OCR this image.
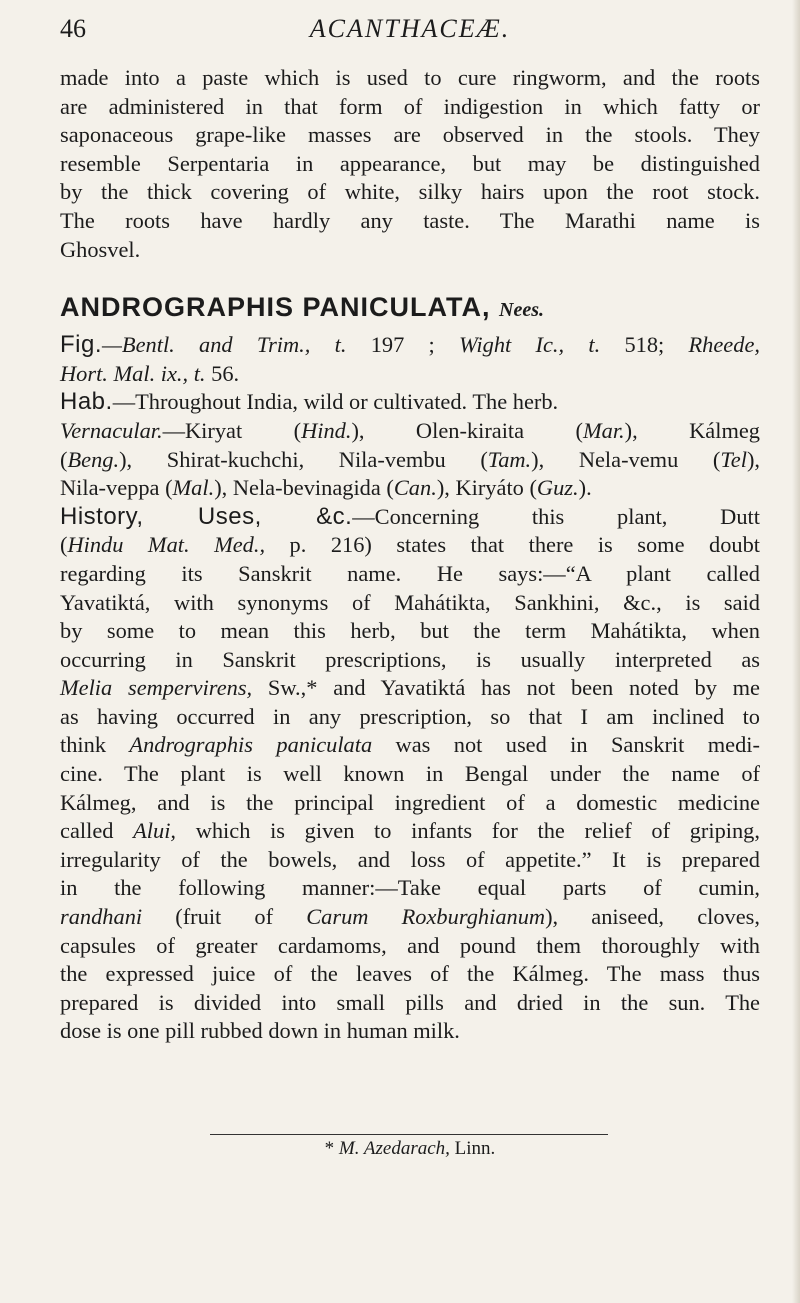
46	ACANTHACEÆ.

made into a paste which is used to cure ringworm, and the roots
are administered in that form of indigestion in which fatty or
saponaceous grape-like masses are observed in the stools. They
resemble Serpentaria in appearance, but may be distinguished
by the thick covering of white, silky hairs upon the root stock.
The roots have hardly any taste. The Marathi name is
Ghosvel.

ANDROGRAPHIS PANICULATA, Nees.

Fig.—Bentl. and Trim., t. 197 ; Wight Ic., t. 518; Rheede,
Hort. Mal. ix., t. 56.

Hab.—Throughout India, wild or cultivated. The herb.

Vernacular.—Kiryat (Hind.), Olen-kiraita (Mar.), Kálmeg
(Beng.), Shirat-kuchchi, Nila-vembu (Tam.), Nela-vemu (Tel),
Nila-veppa (Mal.), Nela-bevinagida (Can.), Kiryáto (Guz.).

History, Uses, &c.—Concerning this plant, Dutt
(Hindu Mat. Med., p. 216) states that there is some doubt
regarding its Sanskrit name. He says:—“A plant called
Yavatiktá, with synonyms of Mahátikta, Sankhini, &c., is said
by some to mean this herb, but the term Mahátikta, when
occurring in Sanskrit prescriptions, is usually interpreted as
Melia sempervirens, Sw.,* and Yavatiktá has not been noted by me
as having occurred in any prescription, so that I am inclined to
think Andrographis paniculata was not used in Sanskrit medi-
cine. The plant is well known in Bengal under the name of
Kálmeg, and is the principal ingredient of a domestic medicine
called Alui, which is given to infants for the relief of griping,
irregularity of the bowels, and loss of appetite.” It is prepared
in the following manner:—Take equal parts of cumin,
randhani (fruit of Carum Roxburghianum), aniseed, cloves,
capsules of greater cardamoms, and pound them thoroughly with
the expressed juice of the leaves of the Kálmeg. The mass thus
prepared is divided into small pills and dried in the sun. The
dose is one pill rubbed down in human milk.

* M. Azedarach, Linn.
